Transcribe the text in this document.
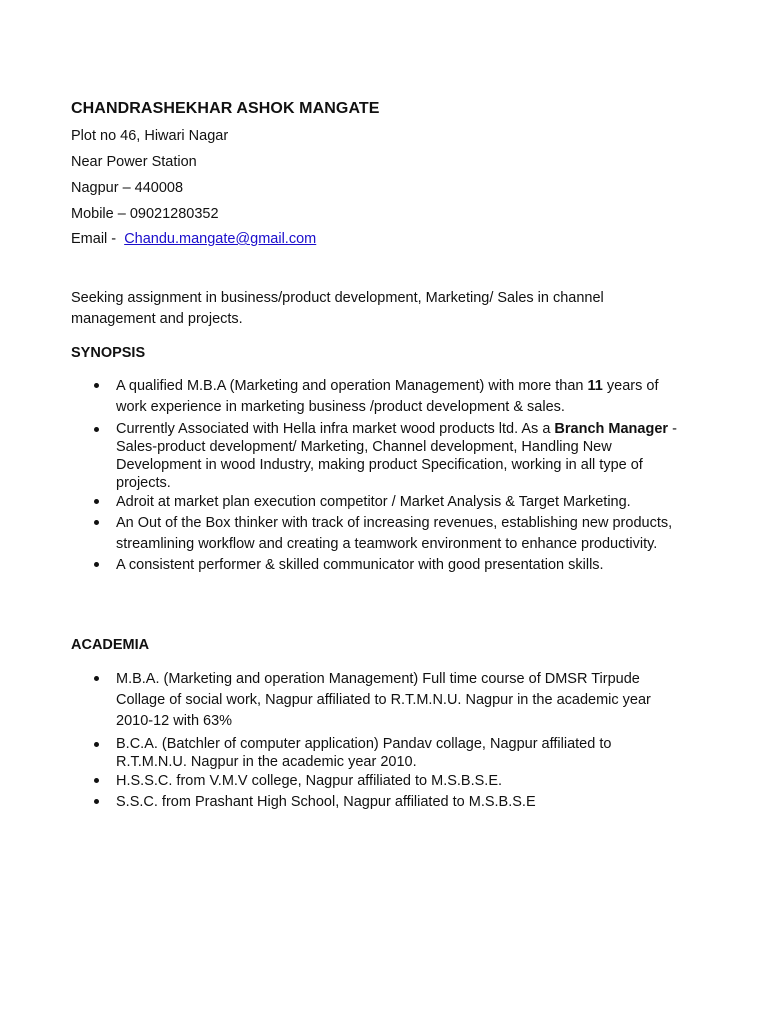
CHANDRASHEKHAR ASHOK MANGATE
Plot no 46, Hiwari Nagar
Near Power Station
Nagpur – 440008
Mobile – 09021280352
Email -  Chandu.mangate@gmail.com
Seeking assignment in business/product development, Marketing/ Sales in channel management and projects.
SYNOPSIS
A qualified M.B.A (Marketing and operation Management) with more than 11 years of work experience in marketing business /product development & sales.
Currently Associated with Hella infra market wood products ltd. As a Branch Manager - Sales-product development/ Marketing, Channel development, Handling New Development in wood Industry, making product Specification, working in all type of projects.
Adroit at market plan execution competitor / Market Analysis & Target Marketing.
An Out of the Box thinker with track of increasing revenues, establishing new products, streamlining workflow and creating a teamwork environment to enhance productivity.
A consistent performer & skilled communicator with good presentation skills.
ACADEMIA
M.B.A. (Marketing and operation Management) Full time course of DMSR Tirpude Collage of social work, Nagpur affiliated to R.T.M.N.U. Nagpur in the academic year 2010-12 with 63%
B.C.A. (Batchler of computer application) Pandav collage, Nagpur affiliated to R.T.M.N.U. Nagpur in the academic year 2010.
H.S.S.C. from V.M.V college, Nagpur affiliated to M.S.B.S.E.
S.S.C. from Prashant High School, Nagpur affiliated to M.S.B.S.E
